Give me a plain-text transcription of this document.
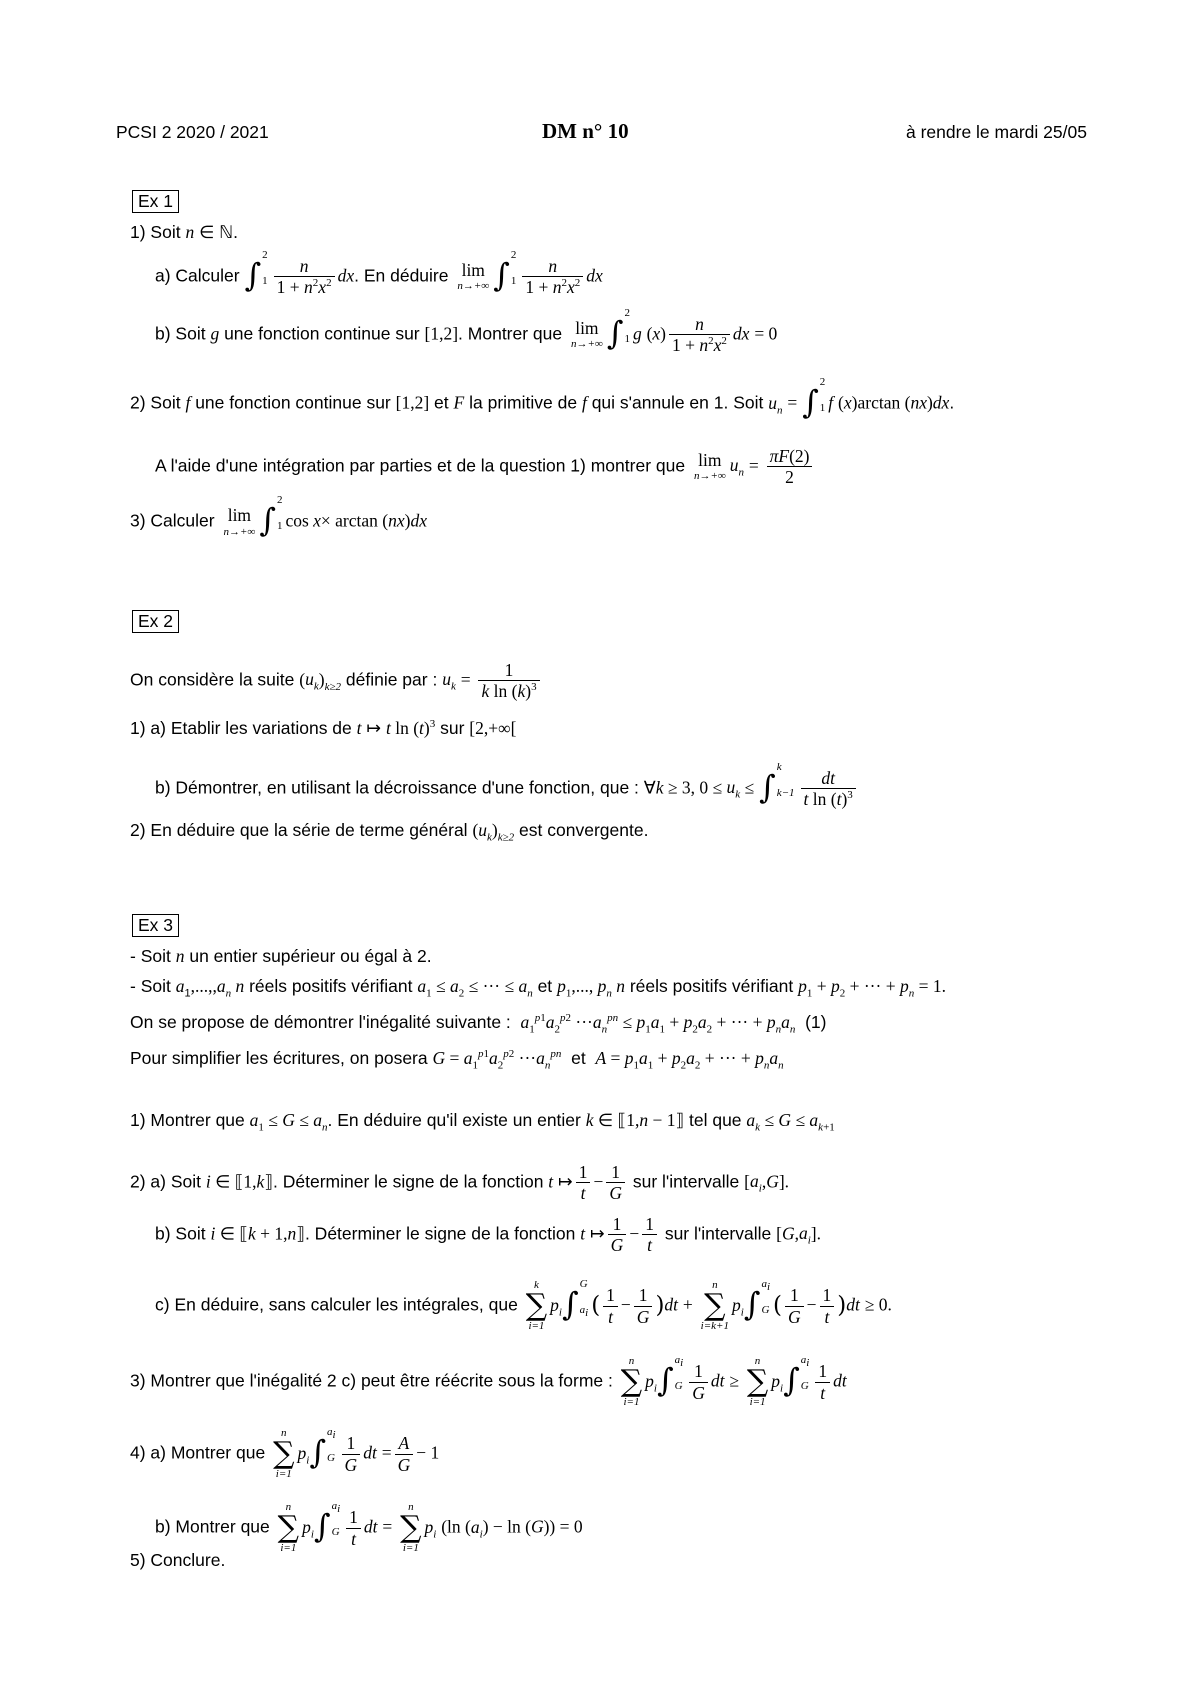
PCSI 2 2020 / 2021	DM n° 10	à rendre le mardi 25/05
Ex 1
1) Soit n ∈ ℕ.
a) Calculer ∫
2
$1 \frac{n}{1 + n^2x^2}$ dx. En déduire lim
n→+∞ ∫
2
$1 \frac{n}{1 + n^2x^2}$ dx
b) Soit g une fonction continue sur [1,2]. Montrer que lim
n→+∞ ∫
2
1 g $(x) \frac{n}{1 + n^2x^2}$ dx = 0
2) Soit f une fonction continue sur [1,2] et F la primitive de f qui s'annule en 1. Soit $u_n$ = ∫
2
1 f (x)arctan (nx)dx.
A l'aide d'une intégration par parties et de la question 1) montrer que lim
n→+∞
$u_n = \frac{\pi F(2)}{2}$
3) Calculer lim
n→+∞ ∫
2
1 cos x× arctan (nx)dx
Ex 2
On considère la suite $(u_k)_{k\ge 2}$ définie par : $u_k = \frac{1}{k \ln (k)^3}$
1) a) Etablir les variations de t ↦ t $\ln (t)^3$ sur [2,+∞[
b) Démontrer, en utilisant la décroissance d'une fonction, que : ∀k ≥ 3, $0 \le u_k$ ≤ ∫
k
$k-1 \frac{dt}{t \ln (t)^3}$
2) En déduire que la série de terme général $(u_k)_{k\ge 2}$ est convergente.
Ex 3
- Soit n un entier supérieur ou égal à 2.
- Soit $a_1,...,,a_n$ n réels positifs vérifiant $a_1 \le a_2$ ≤ ··· ≤ $a_n$ et $p_1$,..., $p_n$ n réels positifs vérifiant $p_1 + p_2$ + ··· + $p_n = 1$.
On se propose de démontrer l'inégalité suivante : $a_1^{p1}a_2^{p2} \cdot\cdot\cdot a_n^{pn} \le p_1a_1 + p_2a_2$ + ··· + $p_na_n$ (1)
Pour simplifier les écritures, on posera $G = a_1^{p1}a_2^{p2} \cdot\cdot\cdot a_n^{pn}$ et $A = p_1a_1 + p_2a_2$ + ··· + $p_na_n$
1) Montrer que $a_1 \le G \le a_n$. En déduire qu'il existe un entier k ∈ ⟦1,n − 1⟧ tel que $a_k \le G \le a_{k+1}$
2) a) Soit i ∈ ⟦1,k⟧. Déterminer le signe de la fonction t ↦ $\frac{1}{t} - \frac{1}{G}$ sur l'intervalle $[a_i,G]$.
b) Soit i ∈ ⟦k + 1,n⟧. Déterminer le signe de la fonction t ↦ $\frac{1}{G} - \frac{1}{t}$ sur l'intervalle $[G,a_i]$.
c) En déduire, sans calculer les intégrales, que
k
∑
i=1
$p_i\int$
G
$a_i$ ( $\frac{1}{t} - \frac{1}{G} )dt$ +
n
∑
i=k+1
$p_i\int$
$a_i$
G ( $\frac{1}{G} - \frac{1}{t} )dt \ge 0$.
3) Montrer que l'inégalité 2 c) peut être réécrite sous la forme :
n
∑
i=1
$p_i\int$
$a_i$
G $\frac{1}{G}$ dt ≥
n
∑
i=1
$p_i\int$
$a_i$
G $\frac{1}{t}$ dt
4) a) Montrer que
n
∑
i=1
$p_i\int$
$a_i$
G $\frac{1}{G}$ dt = $\frac{A}{G} - 1$
b) Montrer que
n
∑
i=1
$p_i\int$
$a_i$
G $\frac{1}{t}$ dt =
n
∑
i=1
$p_i$ (ln $(a_i) - \ln (G)) = 0$
5) Conclure.
